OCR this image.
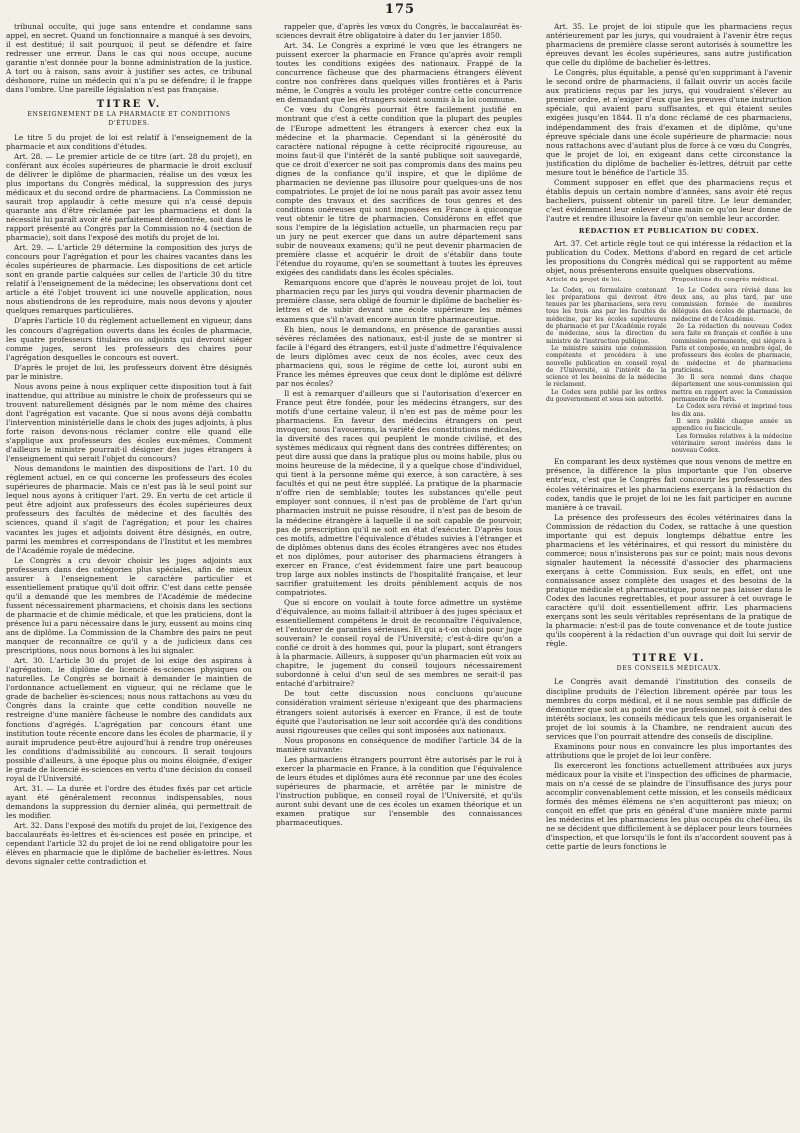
175

tribunal occulte, qui juge sans entendre et condamne sans appel, en secret. Quand un fonctionnaire a manqué à ses devoirs, il est destitué; il sait pourquoi; il peut se défendre et faire redresser une erreur. Dans le cas qui nous occupe, aucune garantie n'est donnée pour la bonne administration de la justice. A tort ou à raison, sans avoir à justifier ses actes, ce tribunal déshonore, ruine un médecin qui n'a pu se défendre; il le frappe dans l'ombre. Une pareille législation n'est pas française.

TITRE V.
ENSEIGNEMENT DE LA PHARMACIE ET CONDITIONS D'ÉTUDES.

Le titre 5 du projet de loi est relatif à l'enseignement de la pharmacie et aux conditions d'études.

Art. 28. — Le premier article de ce titre (art. 28 du projet), en conférant aux écoles supérieures de pharmacie le droit exclusif de délivrer le diplôme de pharmacien, réalise un des vœux les plus importans du Congrès médical, la suppression des jurys médicaux et du second ordre de pharmaciens. La Commission ne saurait trop applaudir à cette mesure qui n'a cessé depuis quarante ans d'être réclamée par les pharmaciens et dont la nécessité lui paraît avoir été parfaitement démontrée, soit dans le rapport présenté au Congrès par la Commission no 4 (section de pharmacie), soit dans l'exposé des motifs du projet de loi.

Art. 29. — L'article 29 détermine la composition des jurys de concours pour l'agrégation et pour les chaires vacantes dans les écoles supérieures de pharmacie. Les dispositions de cet article sont en grande partie calquées sur celles de l'article 30 du titre relatif à l'enseignement de la médecine; les observations dont cet article a été l'objet trouvent ici une nouvelle application, nous nous abstiendrons de les reproduire, mais nous devons y ajouter quelques remarques particulières.

D'après l'article 10 du règlement actuellement en vigueur, dans les concours d'agrégation ouverts dans les écoles de pharmacie, les quatre professeurs titulaires ou adjoints qui devront siéger comme juges, seront les professeurs des chaires pour l'agrégation desquelles le concours est ouvert.

D'après le projet de loi, les professeurs doivent être désignés par le ministre.

Nous avons peine à nous expliquer cette disposition tout à fait inattendue, qui attribue au ministre le choix de professeurs qui se trouvent naturellement désignés par le nom même des chaires dont l'agrégation est vacante. Que si nous avons déjà combattu l'intervention ministérielle dans le choix des juges adjoints, à plus forte raison devons-nous réclamer contre elle quand elle s'applique aux professeurs des écoles eux-mêmes. Comment d'ailleurs le ministre pourrait-il désigner des juges étrangers à l'enseignement qui serait l'objet du concours?

Nous demandons le maintien des dispositions de l'art. 10 du règlement actuel, en ce qui concerne les professeurs des écoles supérieures de pharmacie. Mais ce n'est pas là le seul point sur lequel nous ayons à critiquer l'art. 29. En vertu de cet article il peut être adjoint aux professeurs des écoles supérieures deux professeurs des facultés de médecine et des facultés des sciences, quand il s'agit de l'agrégation; et pour les chaires vacantes les juges et adjoints doivent être désignés, en outre, parmi les membres et correspondans de l'Institut et les membres de l'Académie royale de médecine.

Le Congrès a cru devoir choisir les juges adjoints aux professeurs dans des catégories plus spéciales, afin de mieux assurer à l'enseignement le caractère particulier et essentiellement pratique qu'il doit offrir. C'est dans cette pensée qu'il a demandé que les membres de l'Académie de médecine fussent nécessairement pharmaciens, et choisis dans les sections de pharmacie et de chimie médicale, et que les praticiens, dont la présence lui a paru nécessaire dans le jury, eussent au moins cinq ans de diplôme. La Commission de la Chambre des pairs ne peut manquer de reconnaître ce qu'il y a de judicieux dans ces prescriptions, nous nous bornons à les lui signaler.

Art. 30. L'article 30 du projet de loi exige des aspirans à l'agrégation, le diplôme de licencié ès-sciences physiques ou naturelles. Le Congrès se bornait à demander le maintien de l'ordonnance actuellement en vigueur, qui ne réclame que le grade de bachelier ès-sciences; nous nous rattachons au vœu du Congrès dans la crainte que cette condition nouvelle ne restreigne d'une manière fâcheuse le nombre des candidats aux fonctions d'agrégés. L'agrégation par concours étant une institution toute récente encore dans les écoles de pharmacie, il y aurait imprudence peut-être aujourd'hui à rendre trop onéreuses les conditions d'admissibilité au concours. Il serait toujours possible d'ailleurs, à une époque plus ou moins éloignée, d'exiger le grade de licencié ès-sciences en vertu d'une décision du conseil royal de l'Université.

Art. 31. — La durée et l'ordre des études fixés par cet article ayant été généralement reconnus indispensables, nous demandons la suppression du dernier alinéa, qui permettrait de les modifier.

Art. 32. Dans l'exposé des motifs du projet de loi, l'exigence des baccalauréats ès-lettres et ès-sciences est posée en principe, et cependant l'article 32 du projet de loi ne rend obligatoire pour les élèves en pharmacie que le diplôme de bachelier ès-lettres. Nous devons signaler cette contradiction et

rappeler que, d'après les vœux du Congrès, le baccalauréat ès-sciences devrait être obligatoire à dater du 1er janvier 1850.

Art. 34. Le Congrès a exprimé le vœu que les étrangers ne puissent exercer la pharmacie en France qu'après avoir rempli toutes les conditions exigées des nationaux. Frappé de la concurrence fâcheuse que des pharmaciens étrangers élèvent contre nos confrères dans quelques villes frontières et à Paris même, le Congrès a voulu les protéger contre cette concurrence en demandant que les étrangers soient soumis à la loi commune.

Ce vœu du Congrès pourrait être facilement justifié en montrant que c'est à cette condition que la plupart des peuples de l'Europe admettent les étrangers à exercer chez eux la médecine et la pharmacie. Cependant si la générosité du caractère national répugne à cette réciprocité rigoureuse, au moins faut-il que l'intérêt de la santé publique soit sauvegardé, que ce droit d'exercer ne soit pas compromis dans des mains peu dignes de la confiance qu'il inspire, et que le diplôme de pharmacien ne devienne pas illusoire pour quelques-uns de nos compatriotes. Le projet de loi ne nous paraît pas avoir assez tenu compte des travaux et des sacrifices de tous genres et des conditions onéreuses qui sont imposées en France à quiconque veut obtenir le titre de pharmacien. Considérons en effet que sous l'empire de la législation actuelle, un pharmacien reçu par un jury ne peut exercer que dans un autre département sans subir de nouveaux examens; qu'il ne peut devenir pharmacien de première classe et acquérir le droit de s'établir dans toute l'étendue du royaume, qu'en se soumettant à toutes les épreuves exigées des candidats dans les écoles spéciales.

Remarquons encore que d'après le nouveau projet de loi, tout pharmacien reçu par les jurys qui voudra devenir pharmacien de première classe, sera obligé de fournir le diplôme de bachelier ès-lettres et de subir devant une école supérieure les mêmes examens que s'il n'avait encore aucun titre pharmaceutique.

Eh bien, nous le demandons, en présence de garanties aussi sévères réclamées des nationaux, est-il juste de se montrer si facile à l'égard des étrangers, est-il juste d'admettre l'équivalence de leurs diplômes avec ceux de nos écoles, avec ceux des pharmaciens qui, sous le régime de cette loi, auront subi en France les mêmes épreuves que ceux dont le diplôme est délivré par nos écoles?

Il est à remarquer d'ailleurs que si l'autorisation d'exercer en France peut être fondée, pour les médecins étrangers, sur des motifs d'une certaine valeur, il n'en est pas de même pour les pharmaciens. En faveur des médecins étrangers on peut invoquer, nous l'avouerons, la variété des constitutions médicales, la diversité des races qui peuplent le monde civilisé, et des systèmes médicaux qui règnent dans des contrées différentes; on peut dire aussi que dans la pratique plus ou moins habile, plus ou moins heureuse de la médecine, il y a quelque chose d'individuel, qui tient à la personne même qui exerce, à son caractère, à ses facultés et qui ne peut être suppléé. La pratique de la pharmacie n'offre rien de semblable; toutes les substances qu'elle peut employer sont connues, il n'est pas de problème de l'art qu'un pharmacien instruit ne puisse résoudre, il n'est pas de besoin de la médecine étrangère à laquelle il ne soit capable de pourvoir, pas de prescription qu'il ne soit en état d'exécuter. D'après tous ces motifs, admettre l'équivalence d'études suivies à l'étranger et de diplômes obtenus dans des écoles étrangères avec nos études et nos diplômes, pour autoriser des pharmaciens étrangers à exercer en France, c'est évidemment faire une part beaucoup trop large aux nobles instincts de l'hospitalité française, et leur sacrifier gratuitement les droits péniblement acquis de nos compatriotes.

Que si encore on voulait à toute force admettre un système d'équivalence, au moins fallait-il attribuer à des juges spéciaux et essentiellement compétens le droit de reconnaître l'équivalence, et l'entourer de garanties sérieuses. Et qui a-t-on choisi pour juge souverain? le conseil royal de l'Université; c'est-à-dire qu'on a confié ce droit à des hommes qui, pour la plupart, sont étrangers à la pharmacie. Ailleurs, à supposer qu'un pharmacien eût voix au chapitre, le jugement du conseil toujours nécessairement subordonné à celui d'un seul de ses membres ne serait-il pas entaché d'arbitraire?

De tout cette discussion nous concluons qu'aucune considération vraiment sérieuse n'exigeant que des pharmaciens étrangers soient autorisés à exercer en France, il est de toute équité que l'autorisation ne leur soit accordée qu'à des conditions aussi rigoureuses que celles qui sont imposées aux nationaux.

Nous proposons en conséquence de modifier l'article 34 de la manière suivante:

Les pharmaciens étrangers pourront être autorisés par le roi à exercer la pharmacie en France, à la condition que l'équivalence de leurs études et diplômes aura été reconnue par une des écoles supérieures de pharmacie, et arrêtée par le ministre de l'instruction publique, en conseil royal de l'Université, et qu'ils auront subi devant une de ces écoles un examen théorique et un examen pratique sur l'ensemble des connaissances pharmaceutiques.

Art. 35. Le projet de loi stipule que les pharmaciens reçus antérieurement par les jurys, qui voudraient à l'avenir être reçus pharmaciens de première classe seront autorisés à soumettre les épreuves devant les écoles supérieures, sans autre justification que celle du diplôme de bachelier ès-lettres.

Le Congrès, plus équitable, a pensé qu'en supprimant à l'avenir le second ordre de pharmaciens, il fallait ouvrir un accès facile aux praticiens reçus par les jurys, qui voudraient s'élever au premier ordre, et n'exiger d'eux que les preuves d'une instruction spéciale, qui avaient paru suffisantes, et qui étaient seules exigées jusqu'en 1844. Il n'a donc réclamé de ces pharmaciens, indépendamment des frais d'examen et de diplôme, qu'une épreuve spéciale dans une école supérieure de pharmacie: nous nous rattachons avec d'autant plus de force à ce vœu du Congrès, que le projet de loi, en exigeant dans cette circonstance la justification du diplôme de bachelier ès-lettres, détruit par cette mesure tout le bénéfice de l'article 35.

Comment supposer en effet que des pharmaciens reçus et établis depuis un certain nombre d'années, sans avoir été reçus bacheliers, puissent obtenir un pareil titre. Le leur demander, c'est évidemment leur enlever d'une main ce qu'on leur donne de l'autre et rendre illusoire la faveur qu'on semble leur accorder.

RÉDACTION ET PUBLICATION DU CODEX.

Art. 37. Cet article règle tout ce qui intéresse la rédaction et la publication du Codex. Mettons d'abord en regard de cet article les propositions du Congrès médical qui se rapportent au même objet, nous présenterons ensuite quelques observations.

Article du projet de loi.

Le Codex, ou formulaire contenant les préparations qui devront être tenues par les pharmaciens, sera revu tous les trois ans par les facultés de médecine, par les écoles supérieures de pharmacie et par l'Académie royale de médecine, sous la direction du ministre de l'instruction publique.

Le ministre saisira une commission compétente et procédera à une nouvelle publication en conseil royal de l'Université, si l'intérêt de la science et les besoins de la médecine le réclament.

Le Codex sera publié par les ordres du gouvernement et sous son autorité.

Propositions du congrès médical.

1o Le Codex sera révisé dans les deux ans, au plus tard, par une commission formée de membres délégués des écoles de pharmacie, de médecine et de l'Académie.

2o La rédaction du nouveau Codex sera faite en français et confiée à une commission permanente, qui siégera à Paris et composée, en nombre égal, de professeurs des écoles de pharmacie, de médecine et de pharmaciens praticiens.

3o Il sera nommé dans chaque département une sous-commission qui mettra en rapport avec la Commission permanente de Paris.

Le Codex sera révisé et imprimé tous les dix ans.

Il sera publié chaque année un appendice ou fascicule.

Les formules relatives à la médecine vétérinaire seront insérées dans le nouveau Codex.

En comparant les deux systèmes que nous venons de mettre en présence, la différence la plus importante que l'on observe entr'eux, c'est que le Congrès fait concourir les professeurs des écoles vétérinaires et les pharmaciens exerçans à la rédaction du codex, tandis que le projet de loi ne les fait participer en aucune manière à ce travail.

La présence des professeurs des écoles vétérinaires dans la Commission de rédaction du Codex, se rattache à une question importante qui est depuis longtemps débattue entre les pharmaciens et les vétérinaires, et qui ressort du ministère du commerce; nous n'insisterons pas sur ce point; mais nous devons signaler hautement la nécessité d'associer des pharmaciens exerçans à cette Commission. Eux seuls, en effet, ont une connaissance assez complète des usages et des besoins de la pratique médicale et pharmaceutique, pour ne pas laisser dans le Codex des lacunes regrettables, et pour assurer à cet ouvrage le caractère qu'il doit essentiellement offrir. Les pharmaciens exerçans sont les seuls véritables représentans de la pratique de la pharmacie: n'est-il pas de toute convenance et de toute justice qu'ils coopèrent à la rédaction d'un ouvrage qui doit lui servir de règle.

TITRE VI.
DES CONSEILS MÉDICAUX.

Le Congrès avait demandé l'institution des conseils de discipline produits de l'élection librement opérée par tous les membres du corps médical, et il ne nous semble pas difficile de démontrer que soit au point de vue professionnel, soit à celui des intérêts sociaux, les conseils médicaux tels que les organiserait le projet de loi soumis à la Chambre, ne rendraient aucun des services que l'on pourrait attendre des conseils de discipline.

Examinons pour nous en convaincre les plus importantes des attributions que le projet de loi leur confère.

Ils exerceront les fonctions actuellement attribuées aux jurys médicaux pour la visite et l'inspection des officines de pharmacie, mais on n'a cessé de se plaindre de l'insuffisance des jurys pour accomplir convenablement cette mission, et les conseils médicaux formés des mêmes élémens ne s'en acquitteront pas mieux; on conçoit en effet que pris en général d'une manière mixte parmi les médecins et les pharmaciens les plus occupés du chef-lieu, ils ne se décident que difficilement à se déplacer pour leurs tournées d'inspection, et que lorsqu'ils le font ils n'accordent souvent pas à cette partie de leurs fonctions le
